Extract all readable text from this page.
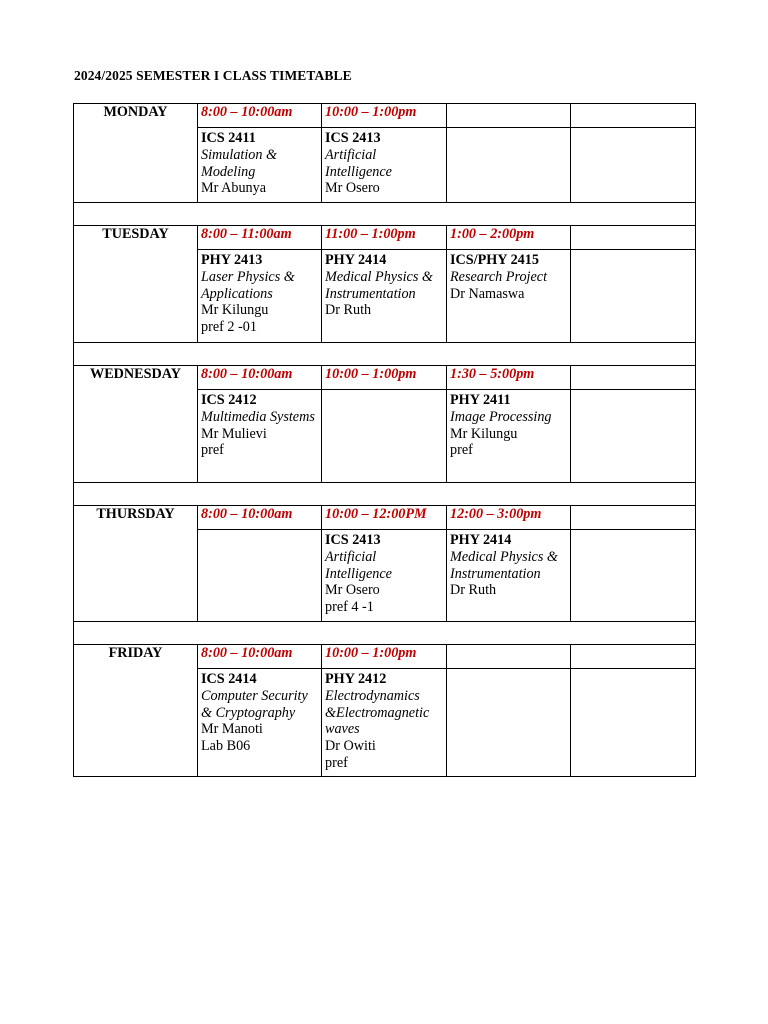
2024/2025 SEMESTER I CLASS TIMETABLE
MONDAY	8:00 – 10:00am	10:00 – 1:00pm		

	ICS 2411
Simulation & Modeling
Mr Abunya	ICS 2413
Artificial Intelligence
Mr Osero		

TUESDAY	8:00 – 11:00am	11:00 – 1:00pm	1:00 – 2:00pm	

	PHY 2413
Laser Physics & Applications
Mr Kilungu
pref 2 -01	PHY 2414
Medical Physics & Instrumentation
Dr Ruth	ICS/PHY 2415
Research Project
Dr Namaswa	

WEDNESDAY	8:00 – 10:00am	10:00 – 1:00pm	1:30 – 5:00pm	

	ICS 2412
Multimedia Systems
Mr Mulievi
pref		PHY 2411
Image Processing
Mr Kilungu
pref	

THURSDAY	8:00 – 10:00am	10:00 – 12:00PM	12:00 – 3:00pm	

		ICS 2413
Artificial Intelligence
Mr Osero
pref 4 -1	PHY 2414
Medical Physics & Instrumentation
Dr Ruth	

FRIDAY	8:00 – 10:00am	10:00 – 1:00pm		

	ICS 2414
Computer Security & Cryptography
Mr Manoti
Lab B06	PHY 2412
Electrodynamics &Electromagnetic waves
Dr Owiti
pref		
